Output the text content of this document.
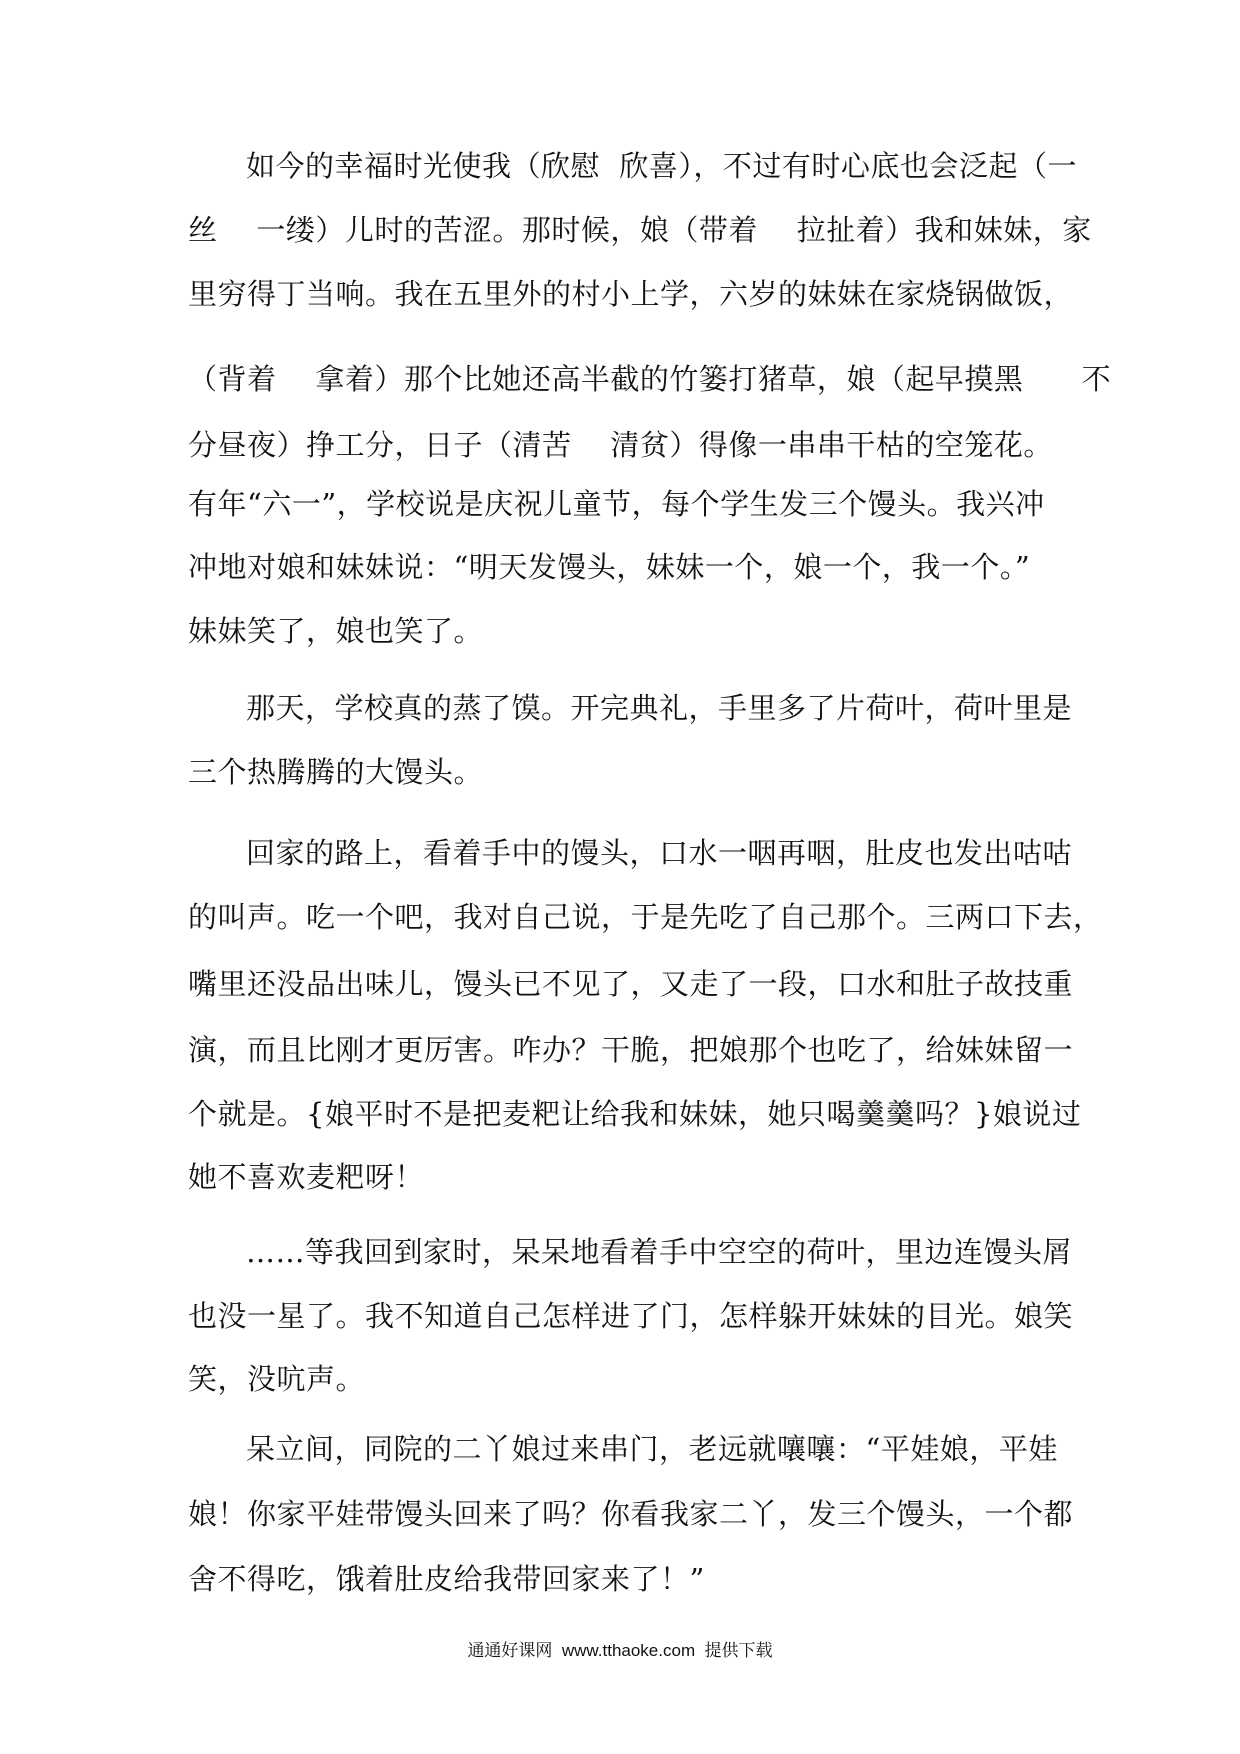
如今的幸福时光使我（欣慰  欣喜），不过有时心底也会泛起（一
丝    一缕）儿时的苦涩。那时候，娘（带着    拉扯着）我和妹妹，家
里穷得丁当响。我在五里外的村小上学，六岁的妹妹在家烧锅做饭，
（背着    拿着）那个比她还高半截的竹篓打猪草，娘（起早摸黑      不
分昼夜）挣工分，日子（清苦    清贫）得像一串串干枯的空笼花。
有年“六一”，学校说是庆祝儿童节，每个学生发三个馒头。我兴冲
冲地对娘和妹妹说：“明天发馒头，妹妹一个，娘一个，我一个。”
妹妹笑了，娘也笑了。
那天，学校真的蒸了馍。开完典礼，手里多了片荷叶，荷叶里是
三个热腾腾的大馒头。
回家的路上，看着手中的馒头，口水一咽再咽，肚皮也发出咕咕
的叫声。吃一个吧，我对自己说，于是先吃了自己那个。三两口下去，
嘴里还没品出味儿，馒头已不见了，又走了一段，口水和肚子故技重
演，而且比刚才更厉害。咋办？干脆，把娘那个也吃了，给妹妹留一
个就是。{娘平时不是把麦粑让给我和妹妹，她只喝羹羹吗？}娘说过
她不喜欢麦粑呀！
……等我回到家时，呆呆地看着手中空空的荷叶，里边连馒头屑
也没一星了。我不知道自己怎样进了门，怎样躲开妹妹的目光。娘笑
笑，没吭声。
呆立间，同院的二丫娘过来串门，老远就嚷嚷：“平娃娘，平娃
娘！你家平娃带馒头回来了吗？你看我家二丫，发三个馒头，一个都
舍不得吃，饿着肚皮给我带回家来了！”
通通好课网  www.tthaoke.com  提供下载
